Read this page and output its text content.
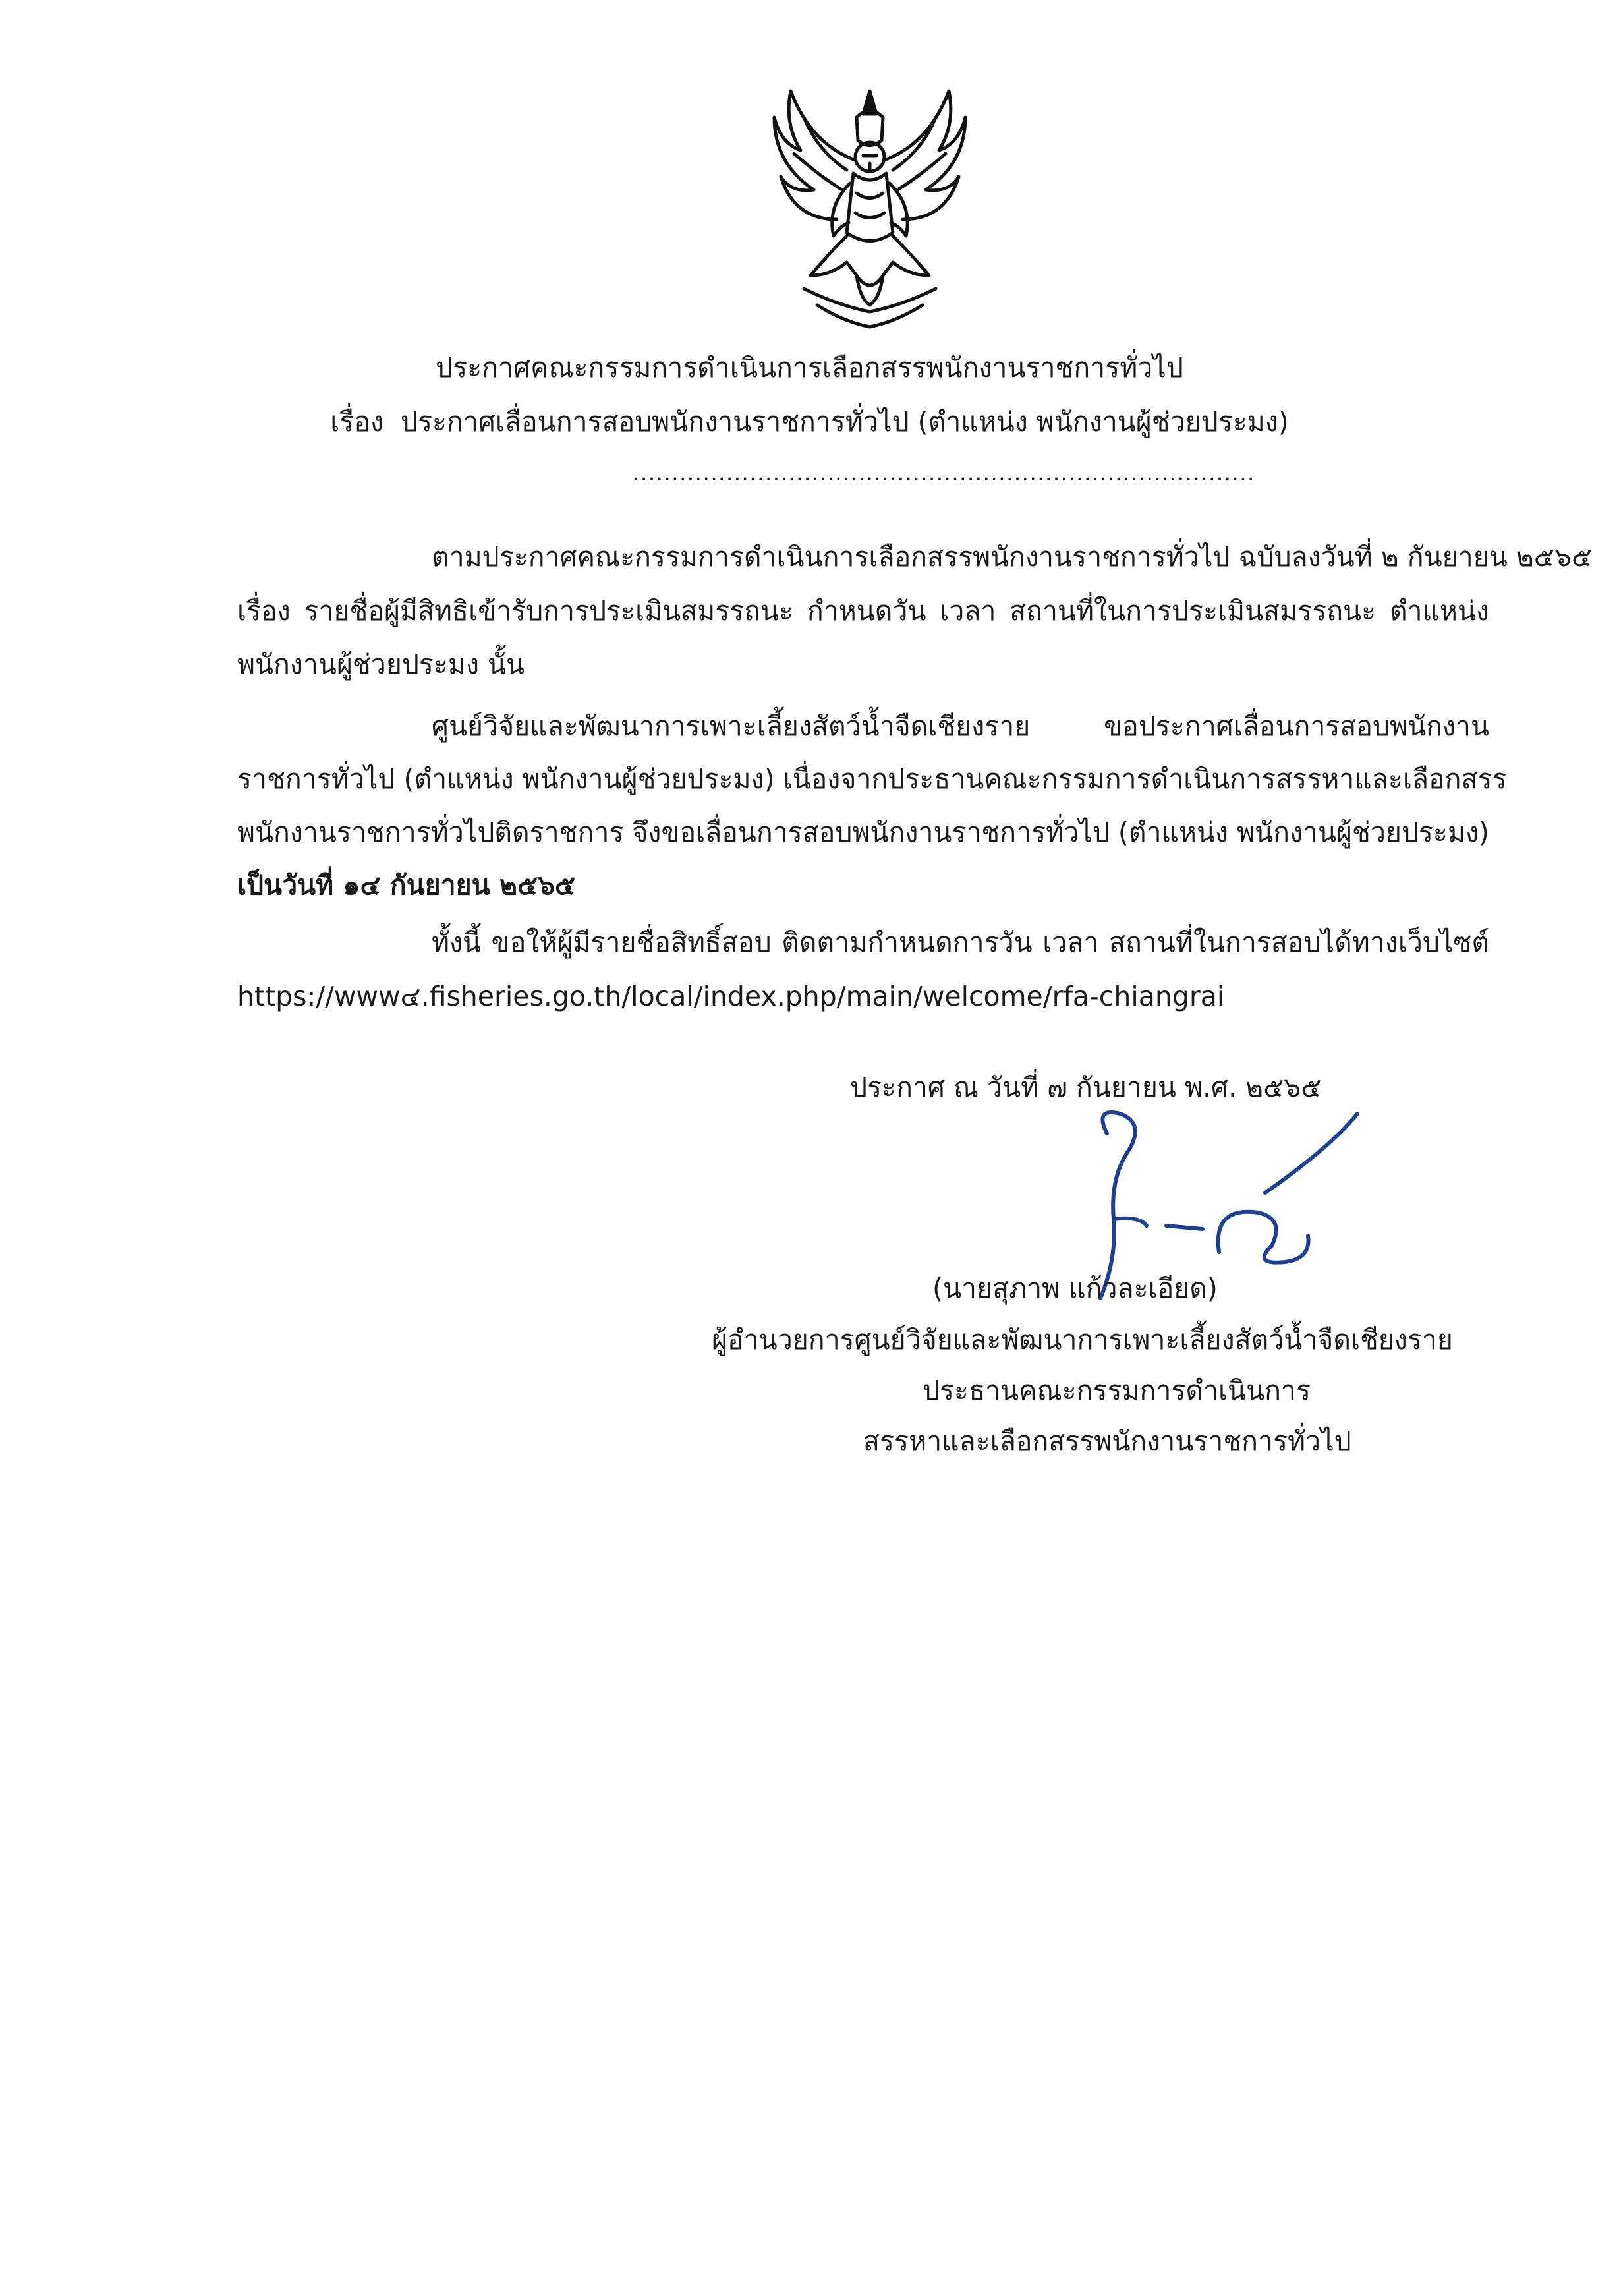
ประกาศคณะกรรมการดำเนินการเลือกสรรพนักงานราชการทั่วไป
เรื่อง ประกาศเลื่อนการสอบพนักงานราชการทั่วไป (ตำแหน่ง พนักงานผู้ช่วยประมง)
................................................................................
ตามประกาศคณะกรรมการดำเนินการเลือกสรรพนักงานราชการทั่วไป ฉบับลงวันที่ ๒ กันยายน ๒๕๖๕
เรื่อง รายชื่อผู้มีสิทธิเข้ารับการประเมินสมรรถนะ กำหนดวัน เวลา สถานที่ในการประเมินสมรรถนะ ตำแหน่ง
พนักงานผู้ช่วยประมง นั้น
ศูนย์วิจัยและพัฒนาการเพาะเลี้ยงสัตว์น้ำจืดเชียงราย ขอประกาศเลื่อนการสอบพนักงาน
ราชการทั่วไป (ตำแหน่ง พนักงานผู้ช่วยประมง) เนื่องจากประธานคณะกรรมการดำเนินการสรรหาและเลือกสรร
พนักงานราชการทั่วไปติดราชการ จึงขอเลื่อนการสอบพนักงานราชการทั่วไป (ตำแหน่ง พนักงานผู้ช่วยประมง)
เป็นวันที่ ๑๔ กันยายน ๒๕๖๕
ทั้งนี้ ขอให้ผู้มีรายชื่อสิทธิ์สอบ ติดตามกำหนดการวัน เวลา สถานที่ในการสอบได้ทางเว็บไซต์
https://www๔.fisheries.go.th/local/index.php/main/welcome/rfa-chiangrai
ประกาศ ณ วันที่ ๗ กันยายน พ.ศ. ๒๕๖๕
(นายสุภาพ แก้วละเอียด)
ผู้อำนวยการศูนย์วิจัยและพัฒนาการเพาะเลี้ยงสัตว์น้ำจืดเชียงราย
ประธานคณะกรรมการดำเนินการ
สรรหาและเลือกสรรพนักงานราชการทั่วไป
